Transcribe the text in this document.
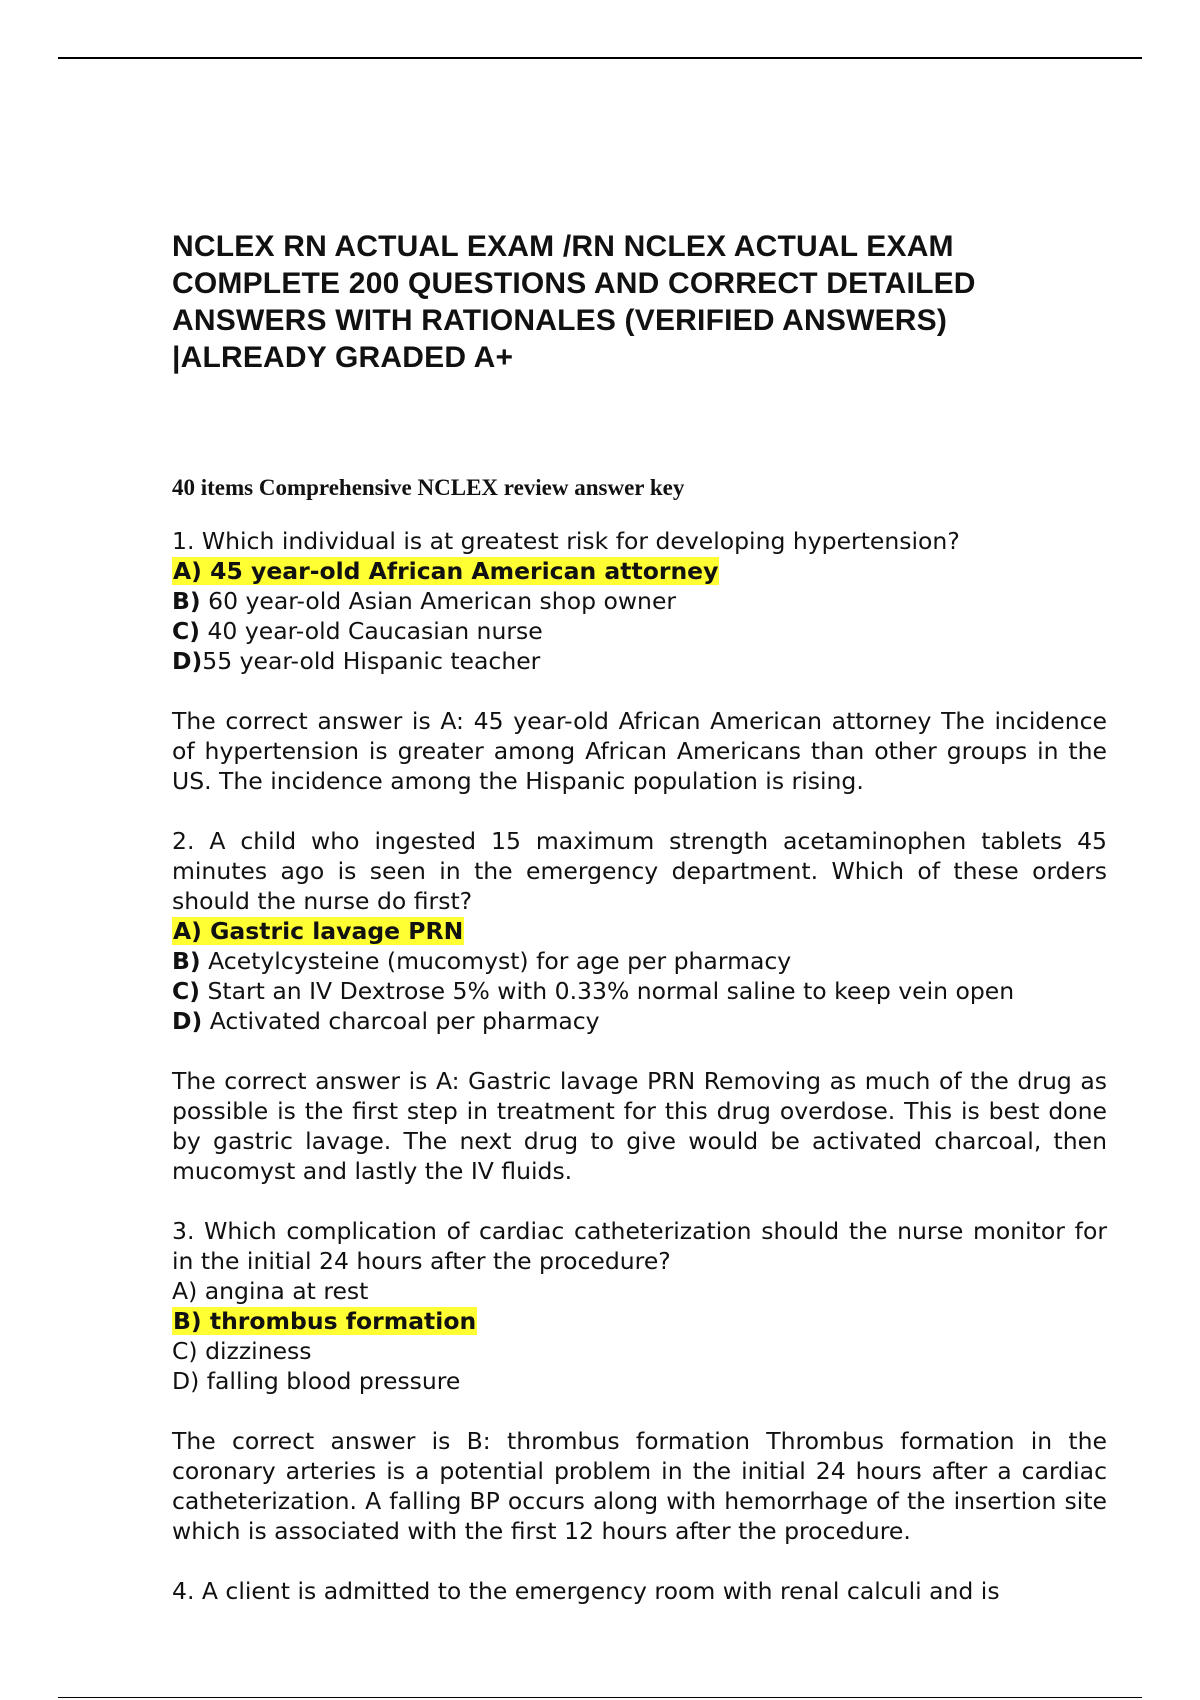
NCLEX RN ACTUAL EXAM /RN NCLEX ACTUAL EXAM COMPLETE 200 QUESTIONS AND CORRECT DETAILED ANSWERS WITH RATIONALES (VERIFIED ANSWERS) |ALREADY GRADED A+

40 items Comprehensive NCLEX review answer key

1. Which individual is at greatest risk for developing hypertension?

A) 45 year-old African American attorney
B) 60 year-old Asian American shop owner
C) 40 year-old Caucasian nurse
D)55 year-old Hispanic teacher

The correct answer is A: 45 year-old African American attorney The incidence of hypertension is greater among African Americans than other groups in the US. The incidence among the Hispanic population is rising.

2. A child who ingested 15 maximum strength acetaminophen tablets 45 minutes ago is seen in the emergency department. Which of these orders should the nurse do first?

A) Gastric lavage PRN
B) Acetylcysteine (mucomyst) for age per pharmacy
C) Start an IV Dextrose 5% with 0.33% normal saline to keep vein open
D) Activated charcoal per pharmacy

The correct answer is A: Gastric lavage PRN Removing as much of the drug as possible is the first step in treatment for this drug overdose. This is best done by gastric lavage. The next drug to give would be activated charcoal, then mucomyst and lastly the IV fluids.

3. Which complication of cardiac catheterization should the nurse monitor for in the initial 24 hours after the procedure?

A) angina at rest
B) thrombus formation
C) dizziness
D) falling blood pressure

The correct answer is B: thrombus formation Thrombus formation in the coronary arteries is a potential problem in the initial 24 hours after a cardiac catheterization. A falling BP occurs along with hemorrhage of the insertion site which is associated with the first 12 hours after the procedure.

4. A client is admitted to the emergency room with renal calculi and is
